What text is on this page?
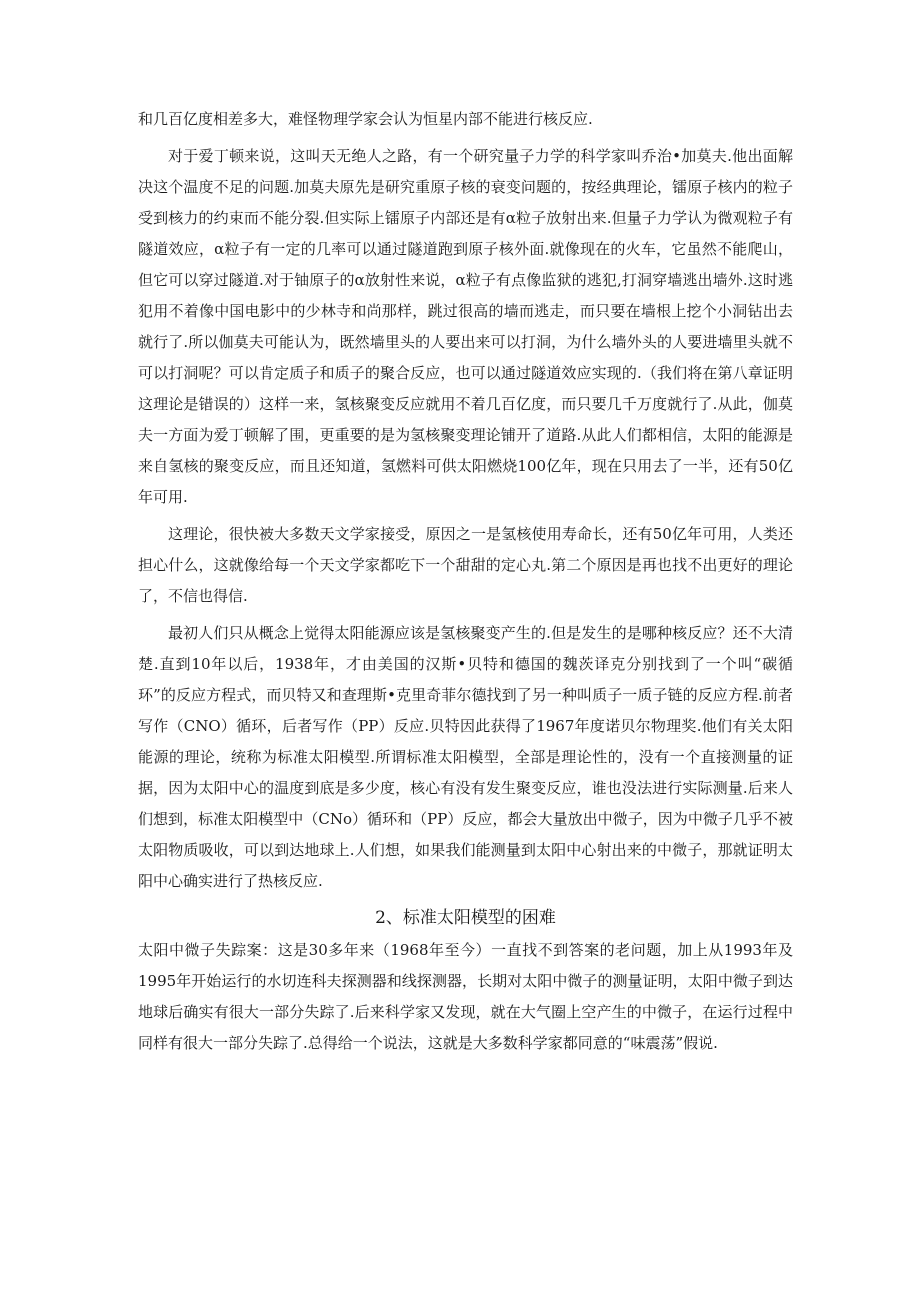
和几百亿度相差多大，难怪物理学家会认为恒星内部不能进行核反应.

对于爱丁顿来说，这叫天无绝人之路，有一个研究量子力学的科学家叫乔治•加莫夫.他出面解决这个温度不足的问题.加莫夫原先是研究重原子核的衰变问题的，按经典理论，镭原子核内的粒子受到核力的约束而不能分裂.但实际上镭原子内部还是有α粒子放射出来.但量子力学认为微观粒子有隧道效应，α粒子有一定的几率可以通过隧道跑到原子核外面.就像现在的火车，它虽然不能爬山，但它可以穿过隧道.对于铀原子的α放射性来说，α粒子有点像监狱的逃犯,打洞穿墙逃出墙外.这时逃犯用不着像中国电影中的少林寺和尚那样，跳过很高的墙而逃走，而只要在墙根上挖个小洞钻出去就行了.所以伽莫夫可能认为，既然墙里头的人要出来可以打洞，为什么墙外头的人要进墙里头就不可以打洞呢？可以肯定质子和质子的聚合反应，也可以通过隧道效应实现的.（我们将在第八章证明这理论是错误的）这样一来，氢核聚变反应就用不着几百亿度，而只要几千万度就行了.从此，伽莫夫一方面为爱丁顿解了围，更重要的是为氢核聚变理论铺开了道路.从此人们都相信，太阳的能源是来自氢核的聚变反应，而且还知道，氢燃料可供太阳燃烧100亿年，现在只用去了一半，还有50亿年可用.

这理论，很快被大多数天文学家接受，原因之一是氢核使用寿命长，还有50亿年可用，人类还担心什么，这就像给每一个天文学家都吃下一个甜甜的定心丸.第二个原因是再也找不出更好的理论了，不信也得信.

最初人们只从概念上觉得太阳能源应该是氢核聚变产生的.但是发生的是哪种核反应？还不大清楚.直到10年以后，1938年，才由美国的汉斯•贝特和德国的魏茨译克分别找到了一个叫“碳循环”的反应方程式，而贝特又和查理斯•克里奇菲尔德找到了另一种叫质子一质子链的反应方程.前者写作（CNO）循环，后者写作（PP）反应.贝特因此获得了1967年度诺贝尔物理奖.他们有关太阳能源的理论，统称为标准太阳模型.所谓标准太阳模型，全部是理论性的，没有一个直接测量的证据，因为太阳中心的温度到底是多少度，核心有没有发生聚变反应，谁也没法进行实际测量.后来人们想到，标准太阳模型中（CNo）循环和（PP）反应，都会大量放出中微子，因为中微子几乎不被太阳物质吸收，可以到达地球上.人们想，如果我们能测量到太阳中心射出来的中微子，那就证明太阳中心确实进行了热核反应.

2、标准太阳模型的困难

太阳中微子失踪案：这是30多年来（1968年至今）一直找不到答案的老问题，加上从1993年及1995年开始运行的水切连科夫探测器和线探测器，长期对太阳中微子的测量证明，太阳中微子到达地球后确实有很大一部分失踪了.后来科学家又发现，就在大气圈上空产生的中微子，在运行过程中同样有很大一部分失踪了.总得给一个说法，这就是大多数科学家都同意的“味震荡”假说.
